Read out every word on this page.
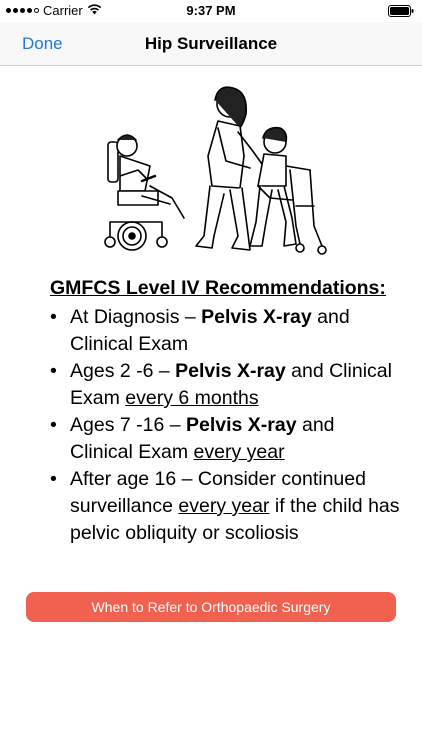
Carrier	9:37 PM
Done	Hip Surveillance
GMFCS Level IV Recommendations:
• At Diagnosis – Pelvis X-ray and Clinical Exam
• Ages 2 -6 – Pelvis X-ray and Clinical Exam every 6 months
• Ages 7 -16 – Pelvis X-ray and Clinical Exam every year
• After age 16 – Consider continued surveillance every year if the child has pelvic obliquity or scoliosis
When to Refer to Orthopaedic Surgery
